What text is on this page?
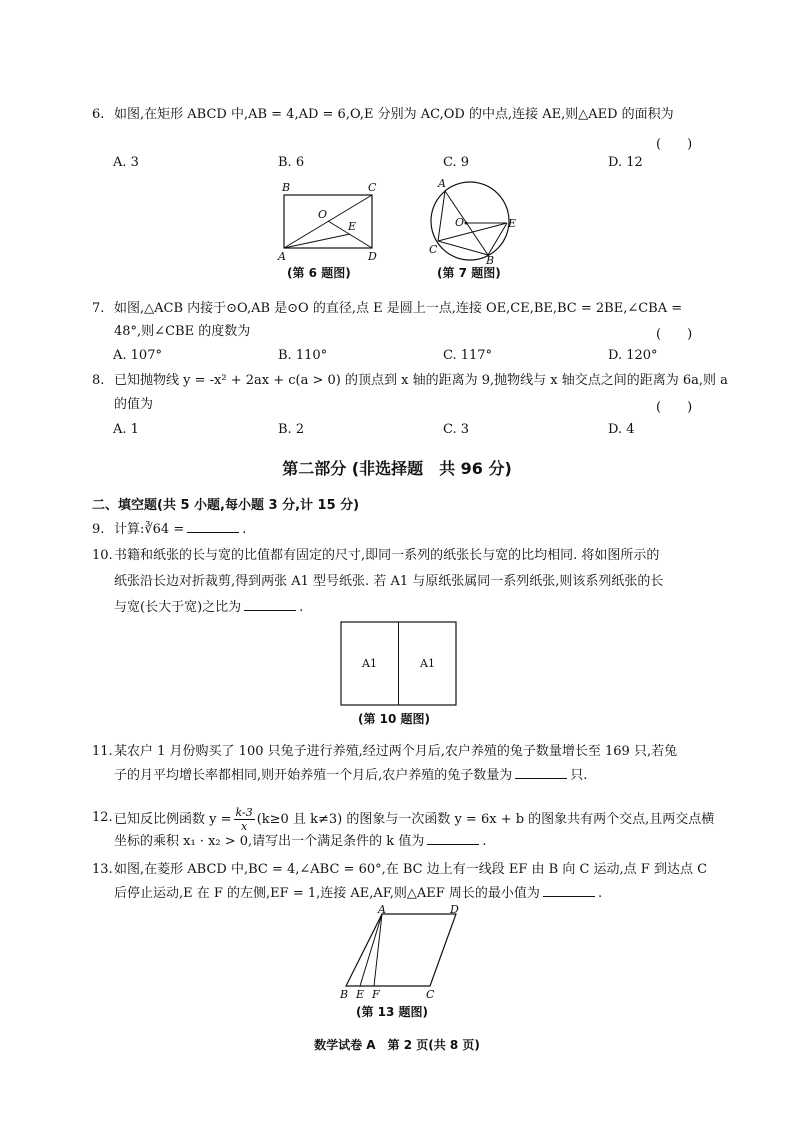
6. 如图,在矩形 ABCD 中,AB = 4,AD = 6,O,E 分别为 AC,OD 的中点,连接 AE,则△AED 的面积为
(　　)
A. 3	B. 6	C. 9	D. 12
B	C
O
E
A	D
(第 6 题图)
A
O	E
C
B
(第 7 题图)
7. 如图,△ACB 内接于⊙O,AB 是⊙O 的直径,点 E 是圆上一点,连接 OE,CE,BE,BC = 2BE,∠CBA =
48°,则∠CBE 的度数为	(　　)
A. 107°	B. 110°	C. 117°	D. 120°
8. 已知抛物线 y = -x² + 2ax + c(a > 0) 的顶点到 x 轴的距离为 9,抛物线与 x 轴交点之间的距离为 6a,则 a
的值为	(　　)
A. 1	B. 2	C. 3	D. 4
第二部分 (非选择题　共 96 分)
二、填空题(共 5 小题,每小题 3 分,计 15 分)
9. 计算:∛64 =	.
10. 书籍和纸张的长与宽的比值都有固定的尺寸,即同一系列的纸张长与宽的比均相同. 将如图所示的
纸张沿长边对折裁剪,得到两张 A1 型号纸张. 若 A1 与原纸张属同一系列纸张,则该系列纸张的长
与宽(长大于宽)之比为	.
A1	A1
(第 10 题图)
11. 某农户 1 月份购买了 100 只兔子进行养殖,经过两个月后,农户养殖的兔子数量增长至 169 只,若兔
子的月平均增长率都相同,则开始养殖一个月后,农户养殖的兔子数量为	只.
12. 已知反比例函数 $y = \frac{k-3}{x} (k\ge 0$ 且 k≠3) 的图象与一次函数 y = 6x + b 的图象共有两个交点,且两交点横
坐标的乘积 x₁ · x₂ > 0,请写出一个满足条件的 k 值为	.
13. 如图,在菱形 ABCD 中,BC = 4,∠ABC = 60°,在 BC 边上有一线段 EF 由 B 向 C 运动,点 F 到达点 C
后停止运动,E 在 F 的左侧,EF = 1,连接 AE,AF,则△AEF 周长的最小值为	.
A	D
B E F	C
(第 13 题图)
数学试卷 A　第 2 页(共 8 页)
